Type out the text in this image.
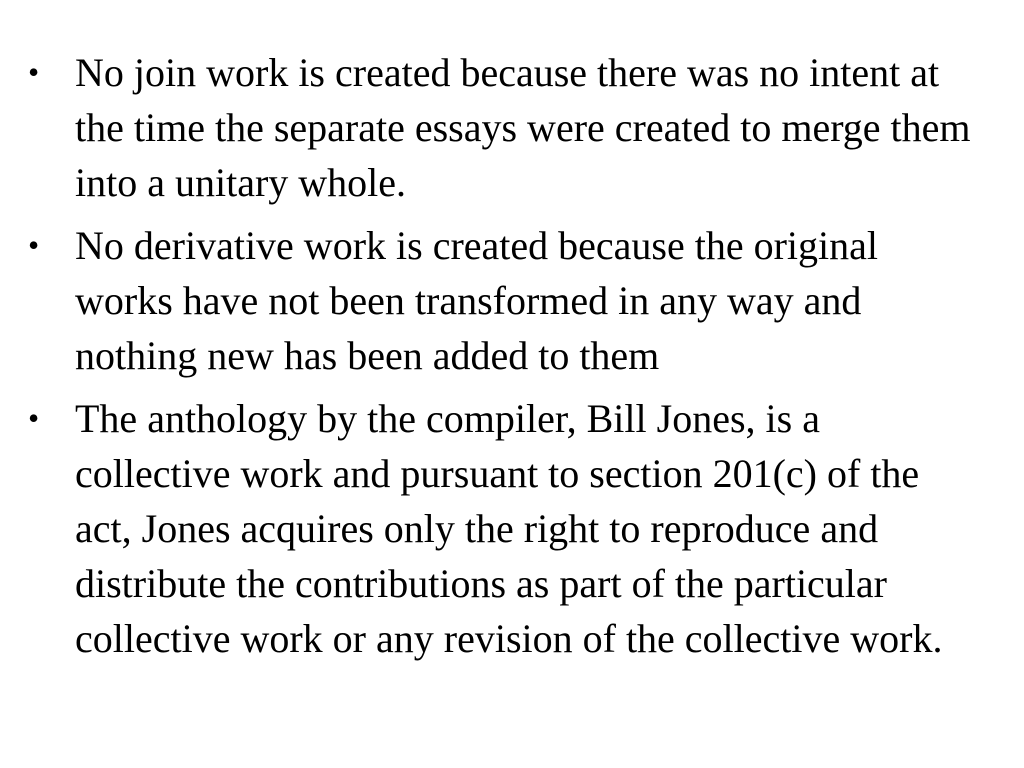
• No join work is created because there was no intent at the time the separate essays were created to merge them into a unitary whole.
• No derivative work is created because the original works have not been transformed in any way and nothing new has been added to them
• The anthology by the compiler, Bill Jones, is a collective work and pursuant to section 201(c) of the act, Jones acquires only the right to reproduce and distribute the contributions as part of the particular collective work or any revision of the collective work.
